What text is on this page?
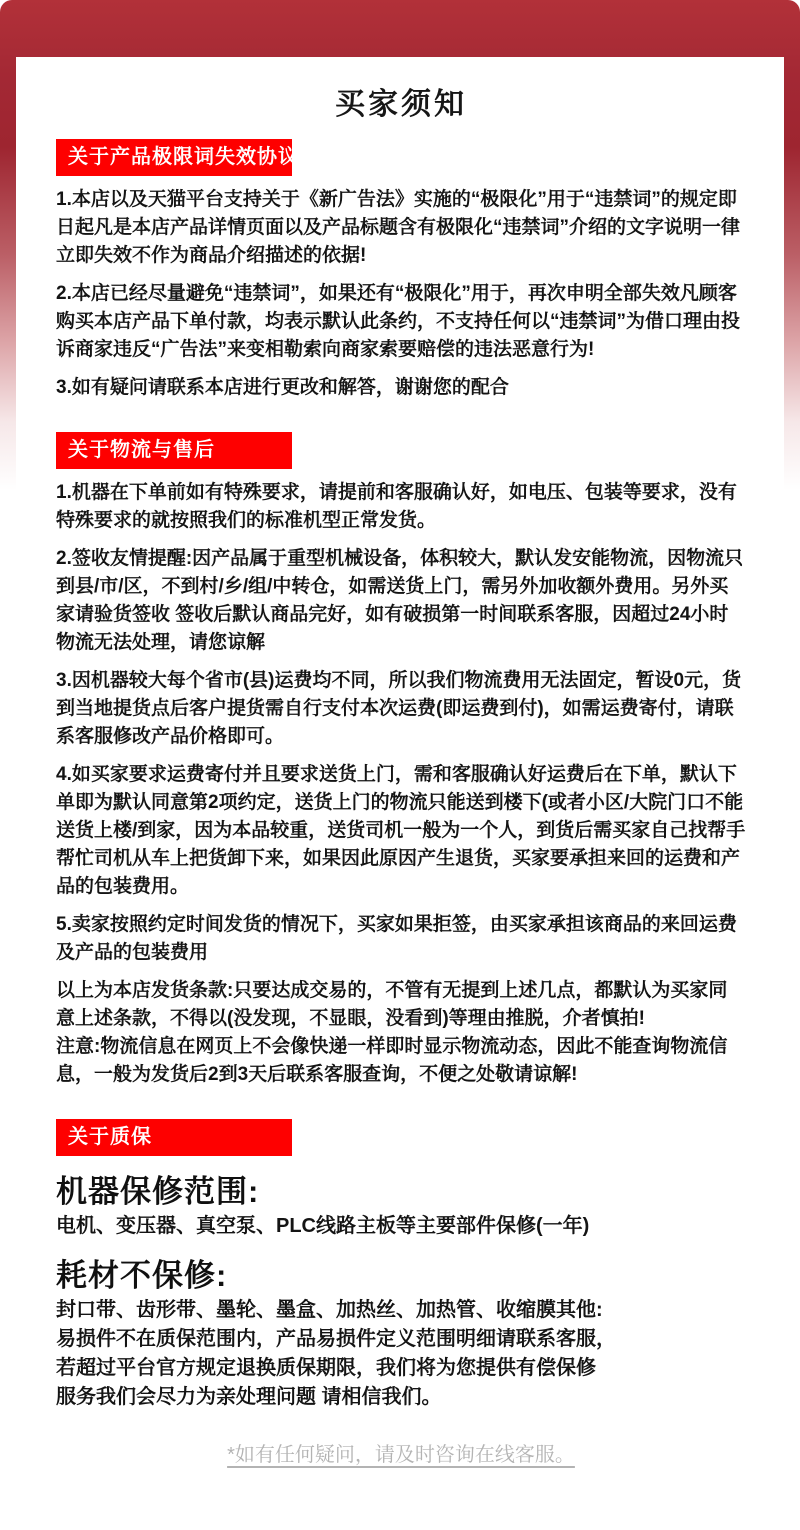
买家须知
关于产品极限词失效协议

1.本店以及天猫平台支持关于《新广告法》实施的“极限化”用于“违禁词”的规定即日起凡是本店产品详情页面以及产品标题含有极限化“违禁词”介绍的文字说明一律立即失效不作为商品介绍描述的依据!

2.本店已经尽量避免“违禁词”，如果还有“极限化”用于，再次申明全部失效凡顾客购买本店产品下单付款，均表示默认此条约，不支持任何以“违禁词”为借口理由投诉商家违反“广告法”来变相勒索向商家索要赔偿的违法恶意行为!

3.如有疑问请联系本店进行更改和解答，谢谢您的配合

关于物流与售后

1.机器在下单前如有特殊要求，请提前和客服确认好，如电压、包装等要求，没有特殊要求的就按照我们的标准机型正常发货。

2.签收友情提醒:因产品属于重型机械设备，体积较大，默认发安能物流，因物流只到县/市/区，不到村/乡/组/中转仓，如需送货上门，需另外加收额外费用。另外买家请验货签收 签收后默认商品完好，如有破损第一时间联系客服，因超过24小时物流无法处理，请您谅解

3.因机器较大每个省市(县)运费均不同，所以我们物流费用无法固定，暂设0元，货到当地提货点后客户提货需自行支付本次运费(即运费到付)，如需运费寄付，请联系客服修改产品价格即可。

4.如买家要求运费寄付并且要求送货上门，需和客服确认好运费后在下单，默认下单即为默认同意第2项约定，送货上门的物流只能送到楼下(或者小区/大院门口不能送货上楼/到家，因为本品较重，送货司机一般为一个人，到货后需买家自己找帮手帮忙司机从车上把货卸下来，如果因此原因产生退货，买家要承担来回的运费和产品的包装费用。

5.卖家按照约定时间发货的情况下，买家如果拒签，由买家承担该商品的来回运费及产品的包装费用

以上为本店发货条款:只要达成交易的，不管有无提到上述几点，都默认为买家同意上述条款，不得以(没发现，不显眼，没看到)等理由推脱，介者慎拍!

注意:物流信息在网页上不会像快递一样即时显示物流动态，因此不能查询物流信息，一般为发货后2到3天后联系客服查询，不便之处敬请谅解!

关于质保
机器保修范围:
电机、变压器、真空泵、PLC线路主板等主要部件保修(一年)
耗材不保修:
封口带、齿形带、墨轮、墨盒、加热丝、加热管、收缩膜其他:
易损件不在质保范围内，产品易损件定义范围明细请联系客服，
若超过平台官方规定退换质保期限，我们将为您提供有偿保修
服务我们会尽力为亲处理问题 请相信我们。
*如有任何疑问，请及时咨询在线客服。
